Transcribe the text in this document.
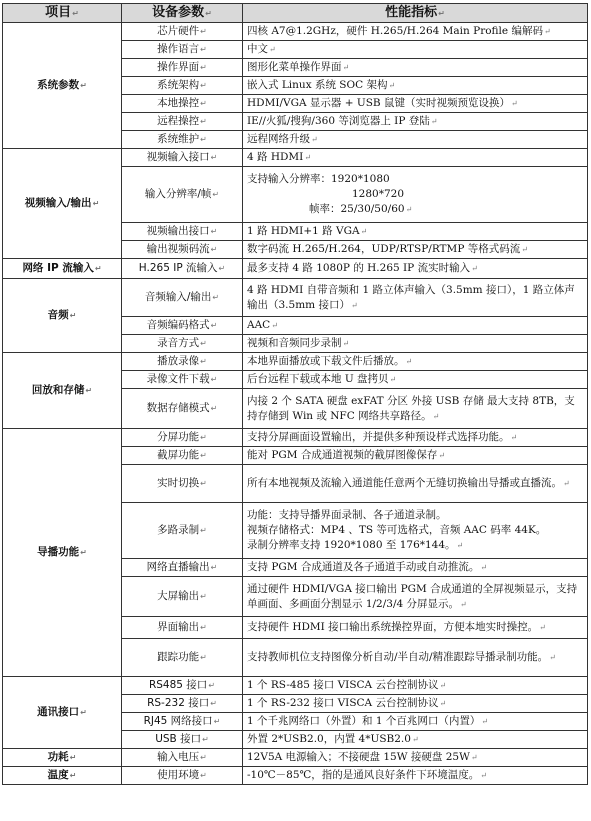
项目↵	设备参数↵	性能指标↵
系统参数↵	芯片硬件↵	四核 A7@1.2GHz，硬件 H.265/H.264 Main Profile 编解码↵

	操作语言↵	中文↵

	操作界面↵	图形化菜单操作界面↵

	系统架构↵	嵌入式 Linux 系统 SOC 架构↵

	本地操控↵	HDMI/VGA 显示器 + USB 鼠键（实时视频预览设换）↵

	远程操控↵	IE//火狐/搜狗/360 等浏览器上 IP 登陆↵

	系统维护↵	远程网络升级↵

视频输入/输出↵	视频输入接口↵	4 路 HDMI↵

	输入分辨率/帧↵	支持输入分辨率：1920*1080
1280*720
帧率：25/30/50/60↵

	视频输出接口↵	1 路 HDMI+1 路 VGA↵

	输出视频码流↵	数字码流 H.265/H.264，UDP/RTSP/RTMP 等格式码流↵

网络 IP 流输入↵	H.265 IP 流输入↵	最多支持 4 路 1080P 的 H.265 IP 流实时输入↵

音频↵	音频输入/输出↵	4 路 HDMI 自带音频和 1 路立体声输入（3.5mm 接口），1 路立体声输出（3.5mm 接口）↵

	音频编码格式↵	AAC↵

	录音方式↵	视频和音频同步录制↵

回放和存储↵	播放录像↵	本地界面播放或下载文件后播放。↵

	录像文件下载↵	后台远程下载或本地 U 盘拷贝↵

	数据存储模式↵	内接 2 个 SATA 硬盘 exFAT 分区 外接 USB 存储 最大支持 8TB，支持存储到 Win 或 NFC 网络共享路径。↵

导播功能↵	分屏功能↵	支持分屏画面设置输出，并提供多种预设样式选择功能。↵

	截屏功能↵	能对 PGM 合成通道视频的截屏图像保存↵

	实时切换↵	所有本地视频及流输入通道能任意两个无缝切换输出导播或直播流。↵

	多路录制↵	功能：支持导播界面录制、各子通道录制。
视频存储格式：MP4 、TS 等可选格式，音频 AAC 码率 44K。
录制分辨率支持 1920*1080 至 176*144。↵

	网络直播输出↵	支持 PGM 合成通道及各子通道手动或自动推流。↵

	大屏输出↵	通过硬件 HDMI/VGA 接口输出 PGM 合成通道的全屏视频显示，支持单画面、多画面分割显示 1/2/3/4 分屏显示。↵

	界面输出↵	支持硬件 HDMI 接口输出系统操控界面，方便本地实时操控。↵

	跟踪功能↵	支持教师机位支持图像分析自动/半自动/精准跟踪导播录制功能。↵

通讯接口↵	RS485 接口↵	1 个 RS-485 接口 VISCA 云台控制协议↵

	RS-232 接口↵	1 个 RS-232 接口 VISCA 云台控制协议↵

	RJ45 网络接口↵	1 个千兆网络口（外置）和 1 个百兆网口（内置）↵

	USB 接口↵	外置 2*USB2.0，内置 4*USB2.0↵

功耗↵	输入电压↵	12V5A 电源输入；不接硬盘 15W 接硬盘 25W↵

温度↵	使用环境↵	-10℃－85℃，指的是通风良好条件下环境温度。↵
